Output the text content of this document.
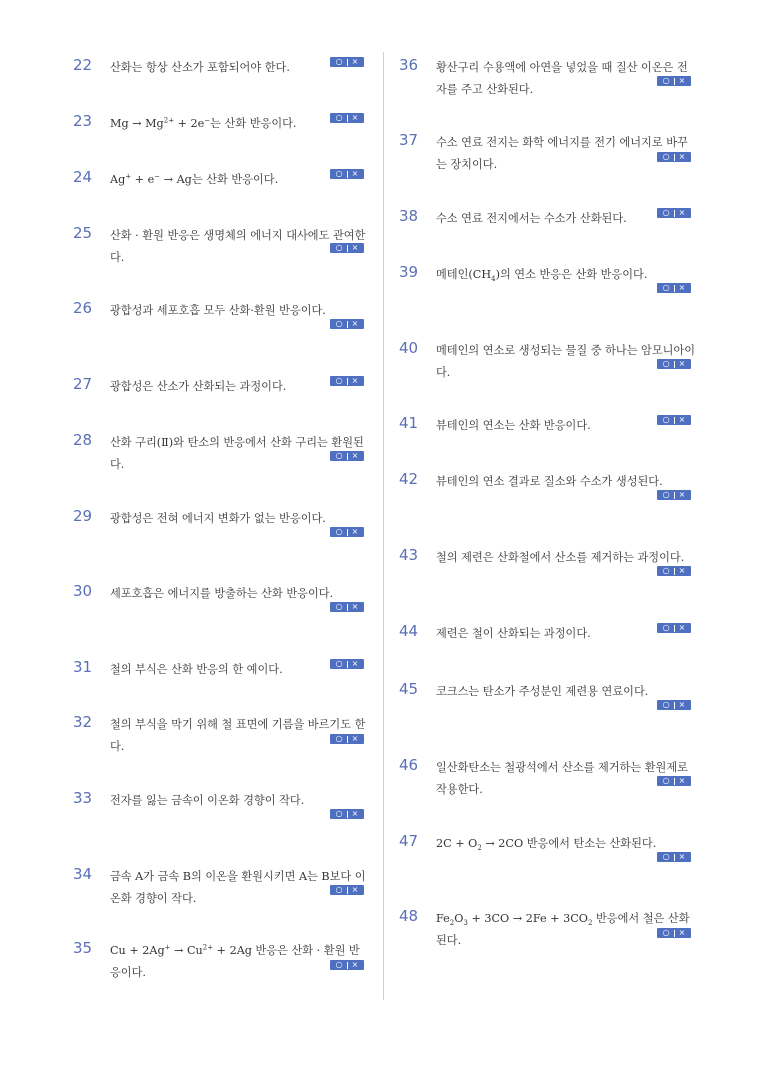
22 산화는 항상 산소가 포함되어야 한다.
23 $Mg \to Mg^{2+} + 2e^-$는 산화 반응이다.
24 Ag+ + e− → Ag는 산화 반응이다.
25 산화 · 환원 반응은 생명체의 에너지 대사에도 관여한다.
26 광합성과 세포호흡 모두 산화·환원 반응이다.
27 광합성은 산소가 산화되는 과정이다.
28 산화 구리(Ⅱ)와 탄소의 반응에서 산화 구리는 환원된다.
29 광합성은 전혀 에너지 변화가 없는 반응이다.
30 세포호흡은 에너지를 방출하는 산화 반응이다.
31 철의 부식은 산화 반응의 한 예이다.
32 철의 부식을 막기 위해 철 표면에 기름을 바르기도 한다.
33 전자를 잃는 금속이 이온화 경향이 작다.
34 금속 A가 금속 B의 이온을 환원시키면 A는 B보다 이온화 경향이 작다.
35 $Cu + 2Ag^+ \to Cu^{2+} + 2Ag$ 반응은 산화 · 환원 반응이다.
36 황산구리 수용액에 아연을 넣었을 때 질산 이온은 전자를 주고 산화된다.
37 수소 연료 전지는 화학 에너지를 전기 에너지로 바꾸는 장치이다.
38 수소 연료 전지에서는 수소가 산화된다.
39 메테인$(CH_4)$의 연소 반응은 산화 반응이다.
40 메테인의 연소로 생성되는 물질 중 하나는 암모니아이다.
41 뷰테인의 연소는 산화 반응이다.
42 뷰테인의 연소 결과로 질소와 수소가 생성된다.
43 철의 제련은 산화철에서 산소를 제거하는 과정이다.
44 제련은 철이 산화되는 과정이다.
45 코크스는 탄소가 주성분인 제련용 연료이다.
46 일산화탄소는 철광석에서 산소를 제거하는 환원제로 작용한다.
47 $2C + O_2 \to 2CO$ 반응에서 탄소는 산화된다.
48 $Fe_2O_3 + 3CO \to 2Fe + 3CO_2$ 반응에서 철은 산화된다.
○ ×
○ ×
○ ×
○ ×
○ ×
○ ×
○ ×
○ ×
○ ×
○ ×
○ ×
○ ×
○ ×
○ ×
○ ×
○ ×
○ ×
○ ×
○ ×
○ ×
○ ×
○ ×
○ ×
○ ×
○ ×
○ ×
○ ×
